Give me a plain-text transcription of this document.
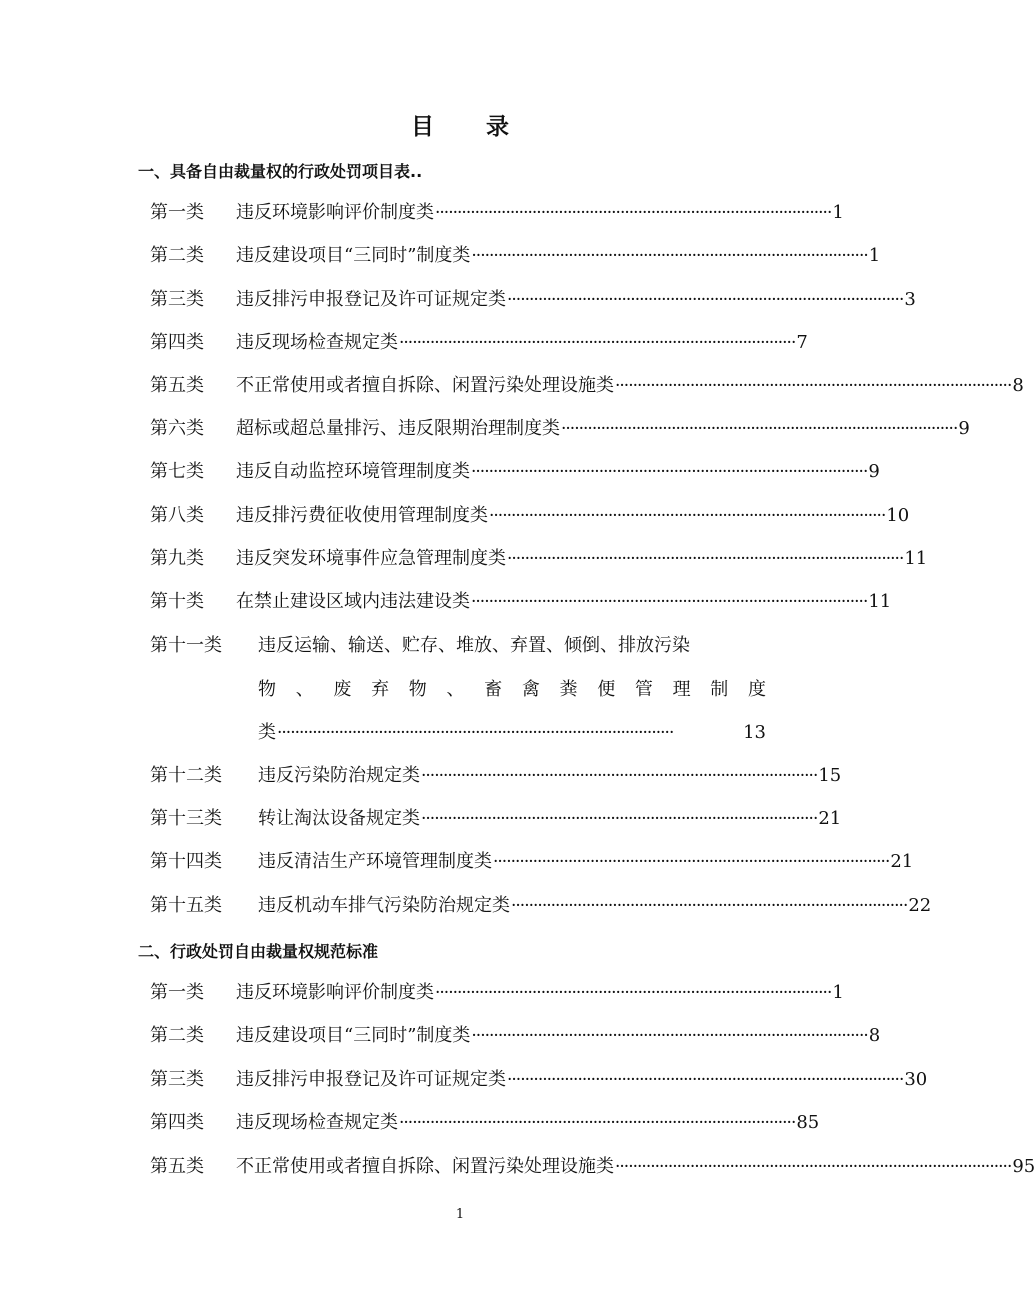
目 录
一、具备自由裁量权的行政处罚项目表..
第一类 违反环境影响评价制度类 ·························································································· 1
第二类 违反建设项目“三同时”制度类 ·························································································· 1
第三类 违反排污申报登记及许可证规定类 ·························································································· 3
第四类 违反现场检查规定类 ·························································································· 7
第五类 不正常使用或者擅自拆除、闲置污染处理设施类 ·························································································· 8
第六类 超标或超总量排污、违反限期治理制度类 ·························································································· 9
第七类 违反自动监控环境管理制度类 ·························································································· 9
第八类 违反排污费征收使用管理制度类 ·························································································· 10
第九类 违反突发环境事件应急管理制度类 ·························································································· 11
第十类 在禁止建设区域内违法建设类 ·························································································· 11
第十一类 违反运输、输送、贮存、堆放、弃置、倾倒、排放污染
物 、 废 弃 物 、 畜 禽 粪 便 管 理 制 度
类 ··························································································	13
第十二类 违反污染防治规定类 ·························································································· 15
第十三类 转让淘汰设备规定类 ·························································································· 21
第十四类 违反清洁生产环境管理制度类 ·························································································· 21
第十五类 违反机动车排气污染防治规定类 ·························································································· 22
二、行政处罚自由裁量权规范标准
第一类 违反环境影响评价制度类 ·························································································· 1
第二类 违反建设项目“三同时”制度类 ·························································································· 8
第三类 违反排污申报登记及许可证规定类 ·························································································· 30
第四类 违反现场检查规定类 ·························································································· 85
第五类 不正常使用或者擅自拆除、闲置污染处理设施类 ·························································································· 95
1
